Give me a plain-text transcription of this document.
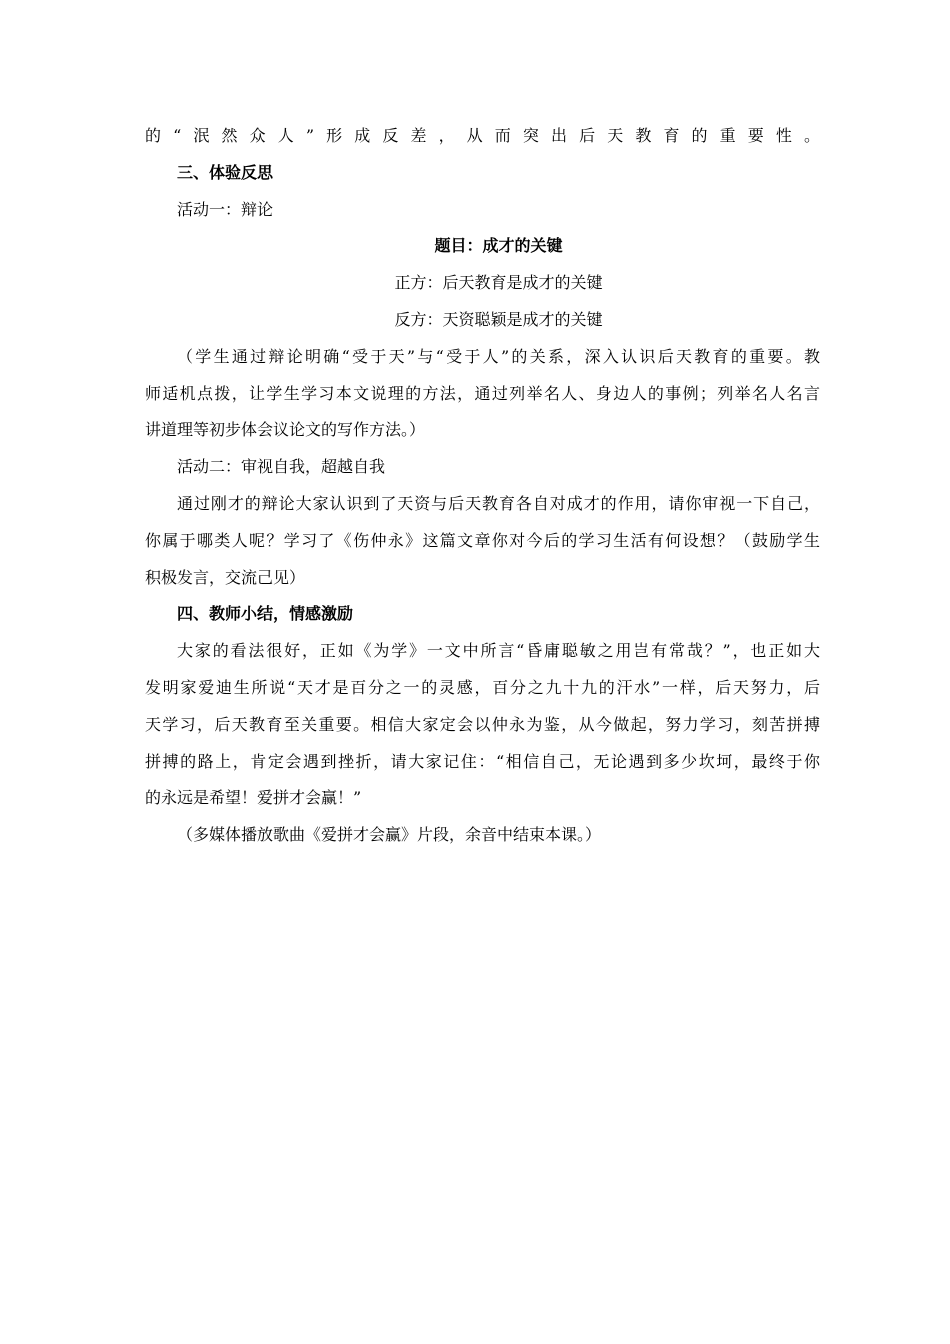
的“泯然众人”形成反差，从而突出后天教育的重要性。
三、体验反思
活动一：辩论
题目：成才的关键
正方：后天教育是成才的关键
反方：天资聪颖是成才的关键
（学生通过辩论明确“受于天”与“受于人”的关系，深入认识后天教育的重要。教
师适机点拨，让学生学习本文说理的方法，通过列举名人、身边人的事例；列举名人名言
讲道理等初步体会议论文的写作方法。）
活动二：审视自我，超越自我
通过刚才的辩论大家认识到了天资与后天教育各自对成才的作用，请你审视一下自己，
你属于哪类人呢？学习了《伤仲永》这篇文章你对今后的学习生活有何设想？（鼓励学生
积极发言，交流己见）
四、教师小结，情感激励
大家的看法很好，正如《为学》一文中所言“昏庸聪敏之用岂有常哉？”，也正如大
发明家爱迪生所说“天才是百分之一的灵感，百分之九十九的汗水”一样，后天努力，后
天学习，后天教育至关重要。相信大家定会以仲永为鉴，从今做起，努力学习，刻苦拼搏
拼搏的路上，肯定会遇到挫折，请大家记住：“相信自己，无论遇到多少坎坷，最终于你
的永远是希望！爱拼才会赢！”
（多媒体播放歌曲《爱拼才会赢》片段，余音中结束本课。）
